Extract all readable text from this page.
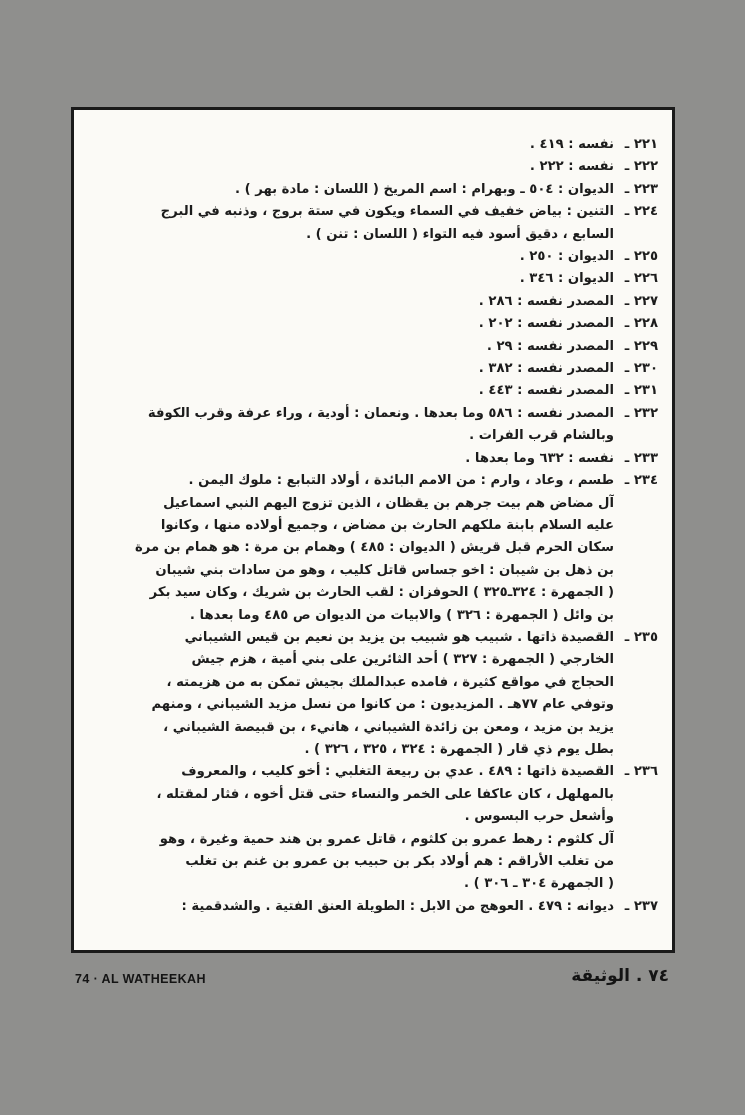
٢٢١ ـ
نفسه : ٤١٩ .
٢٢٢ ـ
نفسه : ٢٢٢ .
٢٢٣ ـ
الديوان : ٥٠٤ ـ وبهرام : اسم المريخ ( اللسان : مادة بهر ) .
٢٢٤ ـ
التنين : بياض خفيف في السماء ويكون في ستة بروج ، وذنبه في البرج
السابع ، دقيق أسود فيه التواء ( اللسان : تنن ) .
٢٢٥ ـ
الديوان : ٢٥٠ .
٢٢٦ ـ
الديوان : ٣٤٦ .
٢٢٧ ـ
المصدر نفسه : ٢٨٦ .
٢٢٨ ـ
المصدر نفسه : ٢٠٢ .
٢٢٩ ـ
المصدر نفسه : ٢٩ .
٢٣٠ ـ
المصدر نفسه : ٣٨٢ .
٢٣١ ـ
المصدر نفسه : ٤٤٣ .
٢٣٢ ـ
المصدر نفسه : ٥٨٦ وما بعدها . ونعمان : أودية ، وراء عرفة وقرب الكوفة
وبالشام قرب الفرات .
٢٣٣ ـ
نفسه : ٦٣٢ وما بعدها .
٢٣٤ ـ
طسم ، وعاد ، وارم : من الامم البائدة ، أولاد التبابع : ملوك اليمن .
آل مضاض هم بيت جرهم بن يقظان ، الذين تزوج اليهم النبي اسماعيل
عليه السلام بابنة ملكهم الحارث بن مضاض ، وجميع أولاده منها ، وكانوا
سكان الحرم قبل قريش ( الديوان : ٤٨٥ ) وهمام بن مرة : هو همام بن مرة
بن ذهل بن شيبان : اخو جساس قاتل كليب ، وهو من سادات بني شيبان
( الجمهرة : ٣٢٤ـ٣٢٥ ) الحوفزان : لقب الحارث بن شريك ، وكان سيد بكر
بن وائل ( الجمهرة : ٣٢٦ ) والابيات من الديوان ص ٤٨٥ وما بعدها .
٢٣٥ ـ
القصيدة ذاتها . شبيب هو شبيب بن يزيد بن نعيم بن قيس الشيباني
الخارجي ( الجمهرة : ٣٢٧ ) أحد الثائرين على بني أمية ، هزم جيش
الحجاج في مواقع كثيرة ، فامده عبدالملك بجيش تمكن به من هزيمته ،
وتوفي عام ٧٧هـ . المزيديون : من كانوا من نسل مزيد الشيباني ، ومنهم
يزيد بن مزيد ، ومعن بن زائدة الشيباني ، هانيء ، بن قبيصة الشيباني ،
بطل يوم ذي قار ( الجمهرة : ٣٢٤ ، ٣٢٥ ، ٣٢٦ ) .
٢٣٦ ـ
القصيدة ذاتها : ٤٨٩ . عدي بن ربيعة التغلبي : أخو كليب ، والمعروف
بالمهلهل ، كان عاكفا على الخمر والنساء حتى قتل أخوه ، فثار لمقتله ،
وأشعل حرب البسوس .
آل كلثوم : رهط عمرو بن كلثوم ، قاتل عمرو بن هند حمية وغيرة ، وهو
من تغلب الأراقم : هم أولاد بكر بن حبيب بن عمرو بن غنم بن تغلب
( الجمهرة ٣٠٤ ـ ٣٠٦ ) .
٢٣٧ ـ
ديوانه : ٤٧٩ . العوهج من الابل : الطويلة العنق الفتية . والشدقمية :
74 · AL WATHEEKAH	٧٤ . الوثيقة
